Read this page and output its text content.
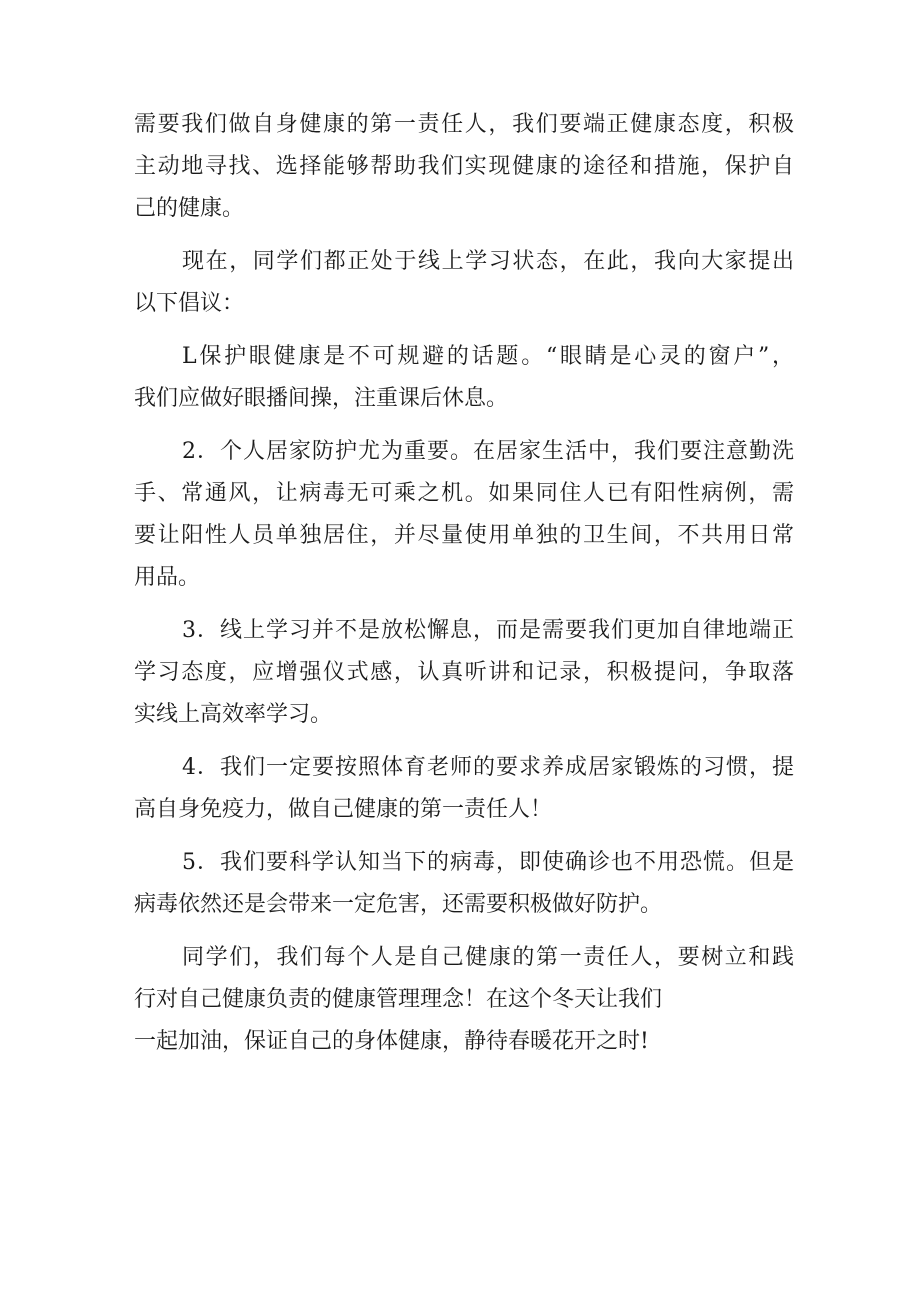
需要我们做自身健康的第一责任人，我们要端正健康态度，积极
主动地寻找、选择能够帮助我们实现健康的途径和措施，保护自
己的健康。
现在，同学们都正处于线上学习状态，在此，我向大家提出
以下倡议：
L保护眼健康是不可规避的话题。“眼睛是心灵的窗户”，
我们应做好眼播间操，注重课后休息。
2．个人居家防护尤为重要。在居家生活中，我们要注意勤洗
手、常通风，让病毒无可乘之机。如果同住人已有阳性病例，需
要让阳性人员单独居住，并尽量使用单独的卫生间，不共用日常
用品。
3．线上学习并不是放松懈息，而是需要我们更加自律地端正
学习态度，应增强仪式感，认真听讲和记录，积极提问，争取落
实线上高效率学习。
4．我们一定要按照体育老师的要求养成居家锻炼的习惯，提
高自身免疫力，做自己健康的第一责任人！
5．我们要科学认知当下的病毒，即使确诊也不用恐慌。但是
病毒依然还是会带来一定危害，还需要积极做好防护。
同学们，我们每个人是自己健康的第一责任人，要树立和践
行对自己健康负责的健康管理理念！在这个冬天让我们
一起加油，保证自己的身体健康，静待春暖花开之时!
